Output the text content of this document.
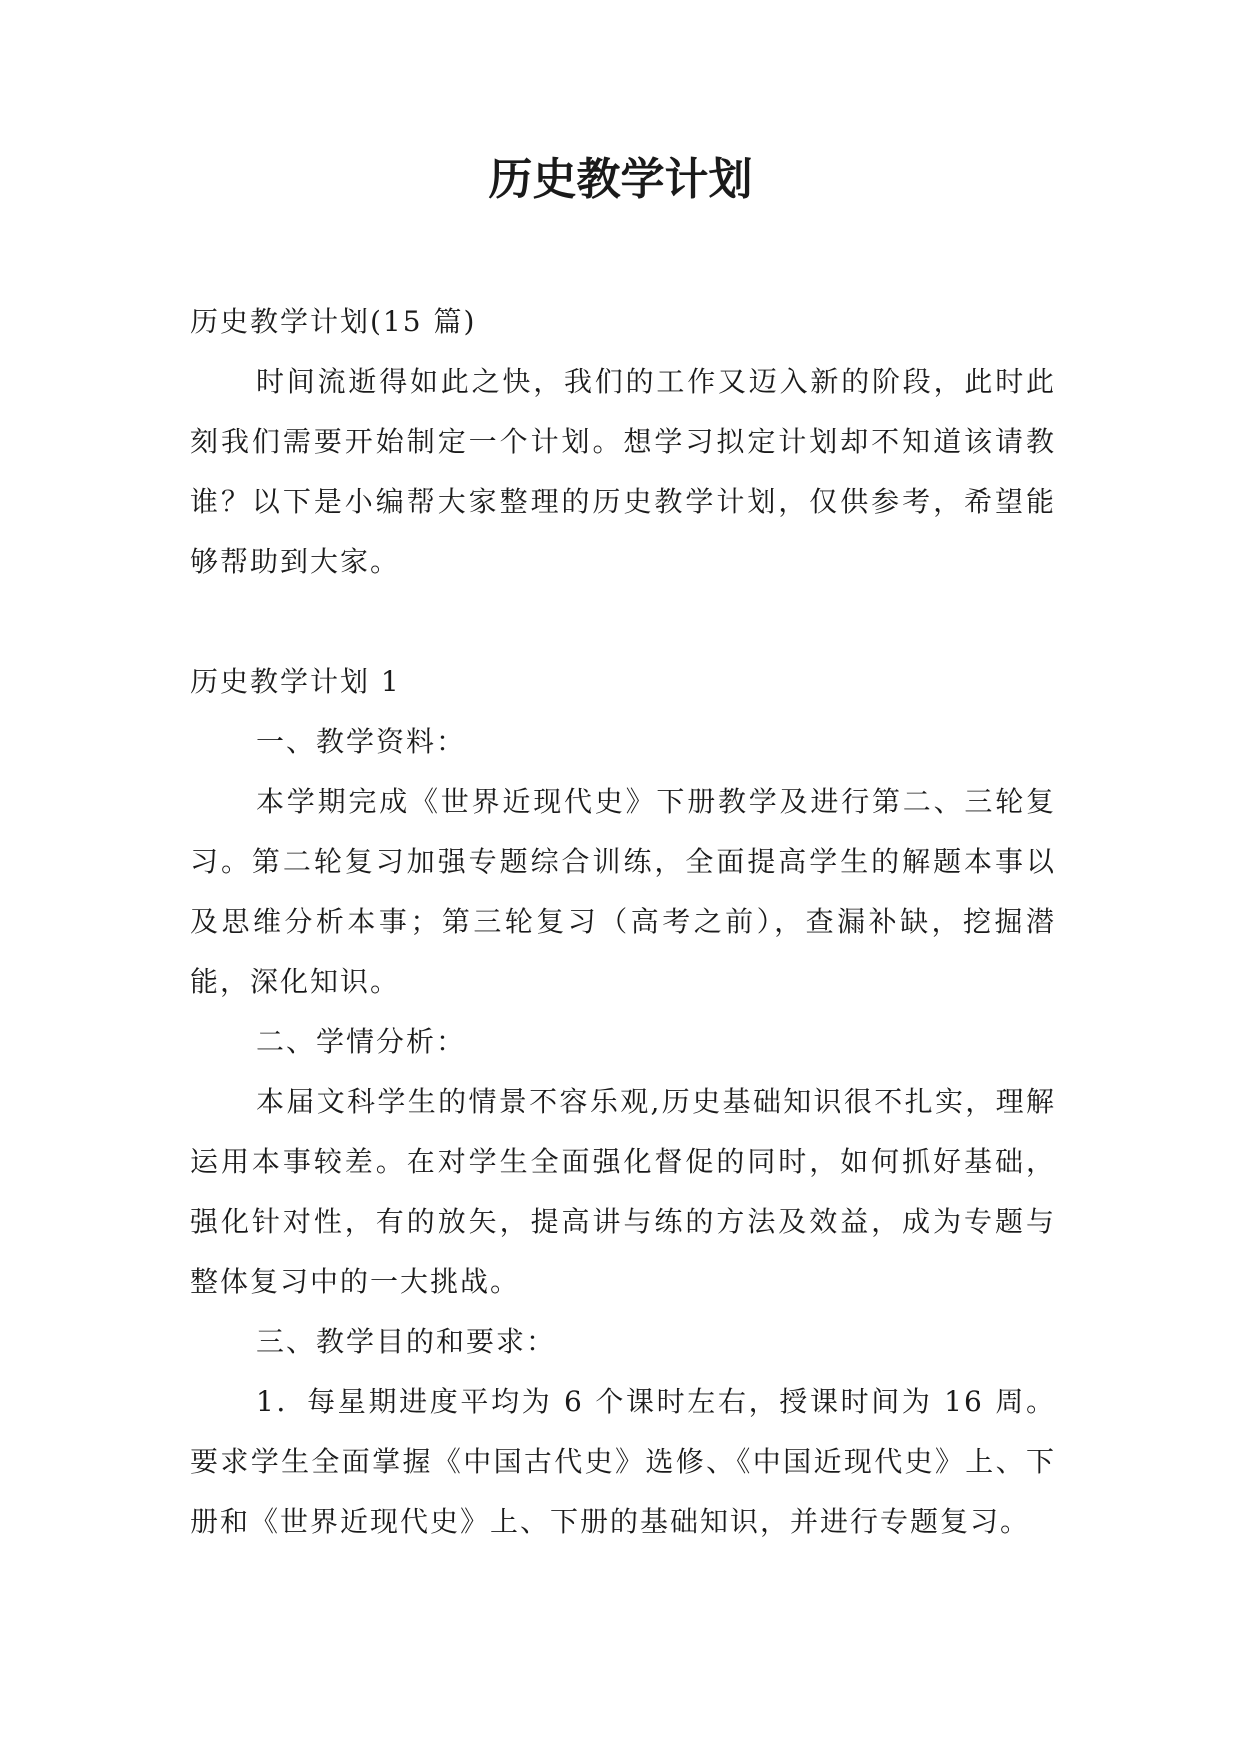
历史教学计划

历史教学计划(15 篇)

时间流逝得如此之快，我们的工作又迈入新的阶段，此时此刻我们需要开始制定一个计划。想学习拟定计划却不知道该请教谁？以下是小编帮大家整理的历史教学计划，仅供参考，希望能够帮助到大家。

历史教学计划 1

一、教学资料：

本学期完成《世界近现代史》下册教学及进行第二、三轮复习。第二轮复习加强专题综合训练，全面提高学生的解题本事以及思维分析本事；第三轮复习（高考之前），查漏补缺，挖掘潜能，深化知识。

二、学情分析：

本届文科学生的情景不容乐观,历史基础知识很不扎实，理解运用本事较差。在对学生全面强化督促的同时，如何抓好基础，强化针对性，有的放矢，提高讲与练的方法及效益，成为专题与整体复习中的一大挑战。

三、教学目的和要求：

1．每星期进度平均为 6 个课时左右，授课时间为 16 周。要求学生全面掌握《中国古代史》选修、《中国近现代史》上、下册和《世界近现代史》上、下册的基础知识，并进行专题复习。
